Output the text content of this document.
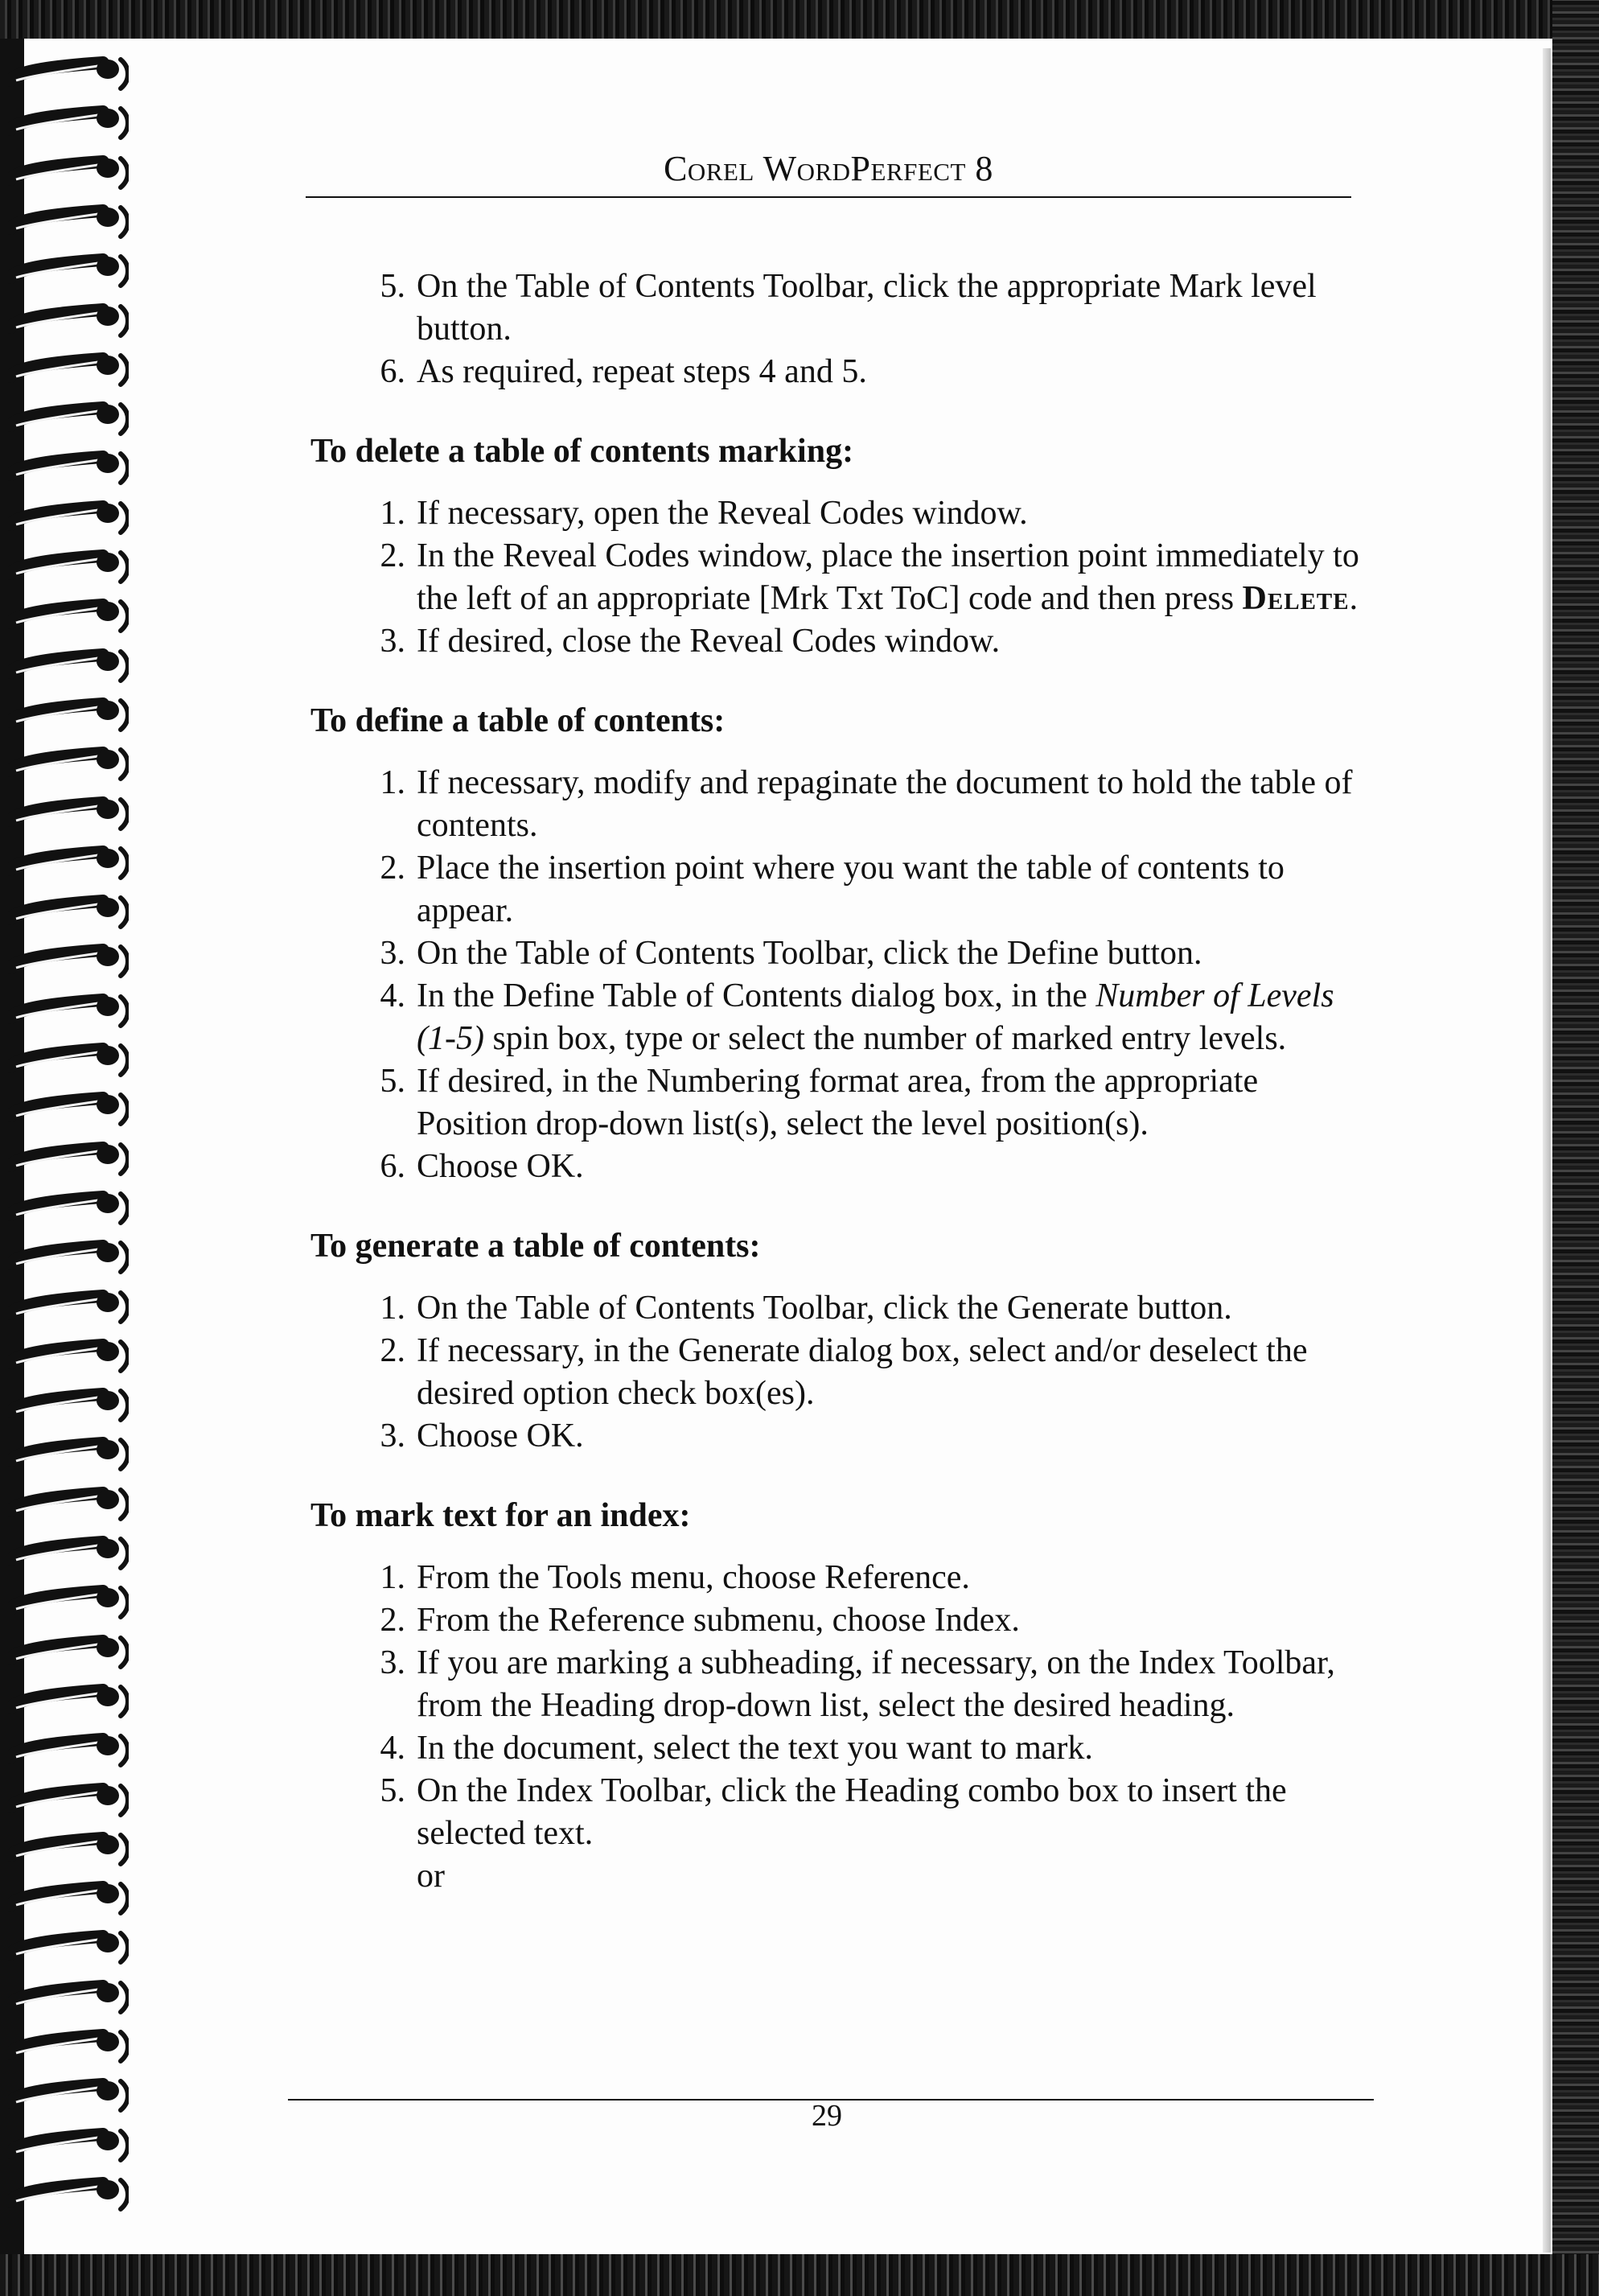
Corel WordPerfect 8
5. On the Table of Contents Toolbar, click the appropriate Mark level button.
6. As required, repeat steps 4 and 5.
To delete a table of contents marking:
1. If necessary, open the Reveal Codes window.
2. In the Reveal Codes window, place the insertion point immediately to the left of an appropriate [Mrk Txt ToC] code and then press Delete.
3. If desired, close the Reveal Codes window.
To define a table of contents:
1. If necessary, modify and repaginate the document to hold the table of contents.
2. Place the insertion point where you want the table of contents to appear.
3. On the Table of Contents Toolbar, click the Define button.
4. In the Define Table of Contents dialog box, in the Number of Levels (1-5) spin box, type or select the number of marked entry levels.
5. If desired, in the Numbering format area, from the appropriate Position drop-down list(s), select the level position(s).
6. Choose OK.
To generate a table of contents:
1. On the Table of Contents Toolbar, click the Generate button.
2. If necessary, in the Generate dialog box, select and/or deselect the desired option check box(es).
3. Choose OK.
To mark text for an index:
1. From the Tools menu, choose Reference.
2. From the Reference submenu, choose Index.
3. If you are marking a subheading, if necessary, on the Index Toolbar, from the Heading drop-down list, select the desired heading.
4. In the document, select the text you want to mark.
5. On the Index Toolbar, click the Heading combo box to insert the selected text.
or
29
